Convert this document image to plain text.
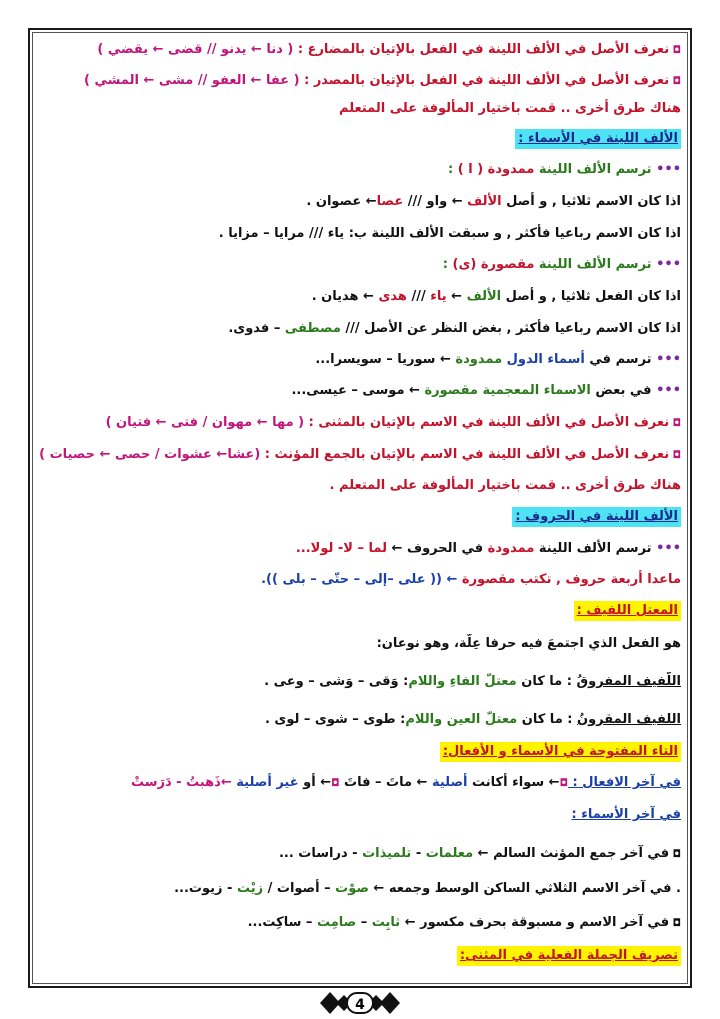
◘ نعرف الأصل في الألف اللينة في الفعل بالإتيان بالمضارع : ( دنا ← يدنو // قضى ← يقضي )
◘ نعرف الأصل في الألف اللينة في الفعل بالإتيان بالمصدر : ( عفا ← العفو // مشى ← المشي )
هناك طرق أخرى .. قمت باختيار المألوفة على المتعلم
الألف اللينة في الأسماء :
••• ترسم الألف اللينة ممدودة ( ا ) :
اذا كان الاسم ثلاثيا , و أصل الألف ← واو /// عصا← عصوان .
اذا كان الاسم رباعيا فأكثر , و سبقت الألف اللينة ب: ياء /// مرايا – مزايا .
••• ترسم الألف اللينة مقصورة (ى) :
اذا كان الفعل ثلاثيا , و أصل الألف ← ياء /// هدى ← هديان .
اذا كان الاسم رباعيا فأكثر , بغض النظر عن الأصل /// مصطفى – فدوى.
••• ترسم في أسماء الدول ممدودة ← سوريا – سويسرا...
••• في بعض الاسماء المعجمية مقصورة ← موسى – عيسى...
◘ نعرف الأصل في الألف اللينة في الاسم بالإتيان بالمثنى : ( مها ← مهوان / فتى ← فتيان )
◘ نعرف الأصل في الألف اللينة في الاسم بالإتيان بالجمع المؤنث : (عشا← عشوات / حصى ← حصيات )
هناك طرق أخرى .. قمت باختيار المألوفة على المتعلم .
الألف اللينة في الحروف :
••• ترسم الألف اللينة ممدودة في الحروف ← لما – لا- لولا...
ماعدا أربعة حروف , تكتب مقصورة ← (( على –إلى – حتّى – بلى )).
المعتل اللفيف :
هو الفعل الذي اجتمعَ فيه حرفا عِلّة، وهو نوعان:
اللّفيف المفروقُ : ما كان معتلّ الفاءِ واللام: وَقى – وَشى – وعى .
اللفيف المقرونُ : ما كان معتلّ العين واللام: طوى – شوى – لوى .
التاء المفتوحة في الأسماء و الأفعال:
في آخر الافعال : ◘← سواء أكانت أصلية ← ماتَ – فاتَ ◘← أو غير أصلية ←ذَهبتُ - دَرَستْ
في آخر الأسماء :
◘ في آخر جمع المؤنث السالم ← معلمات - تلميذات - دراسات ...
. في آخر الاسم الثلاثي الساكن الوسط وجمعه ← صوْت – أصوات / زيْت - زيوت...
◘ في آخر الاسم و مسبوقة بحرف مكسور ← ثابِت – صامِت – ساكِت...
تصريف الجملة الفعلية في المثنى:
4
